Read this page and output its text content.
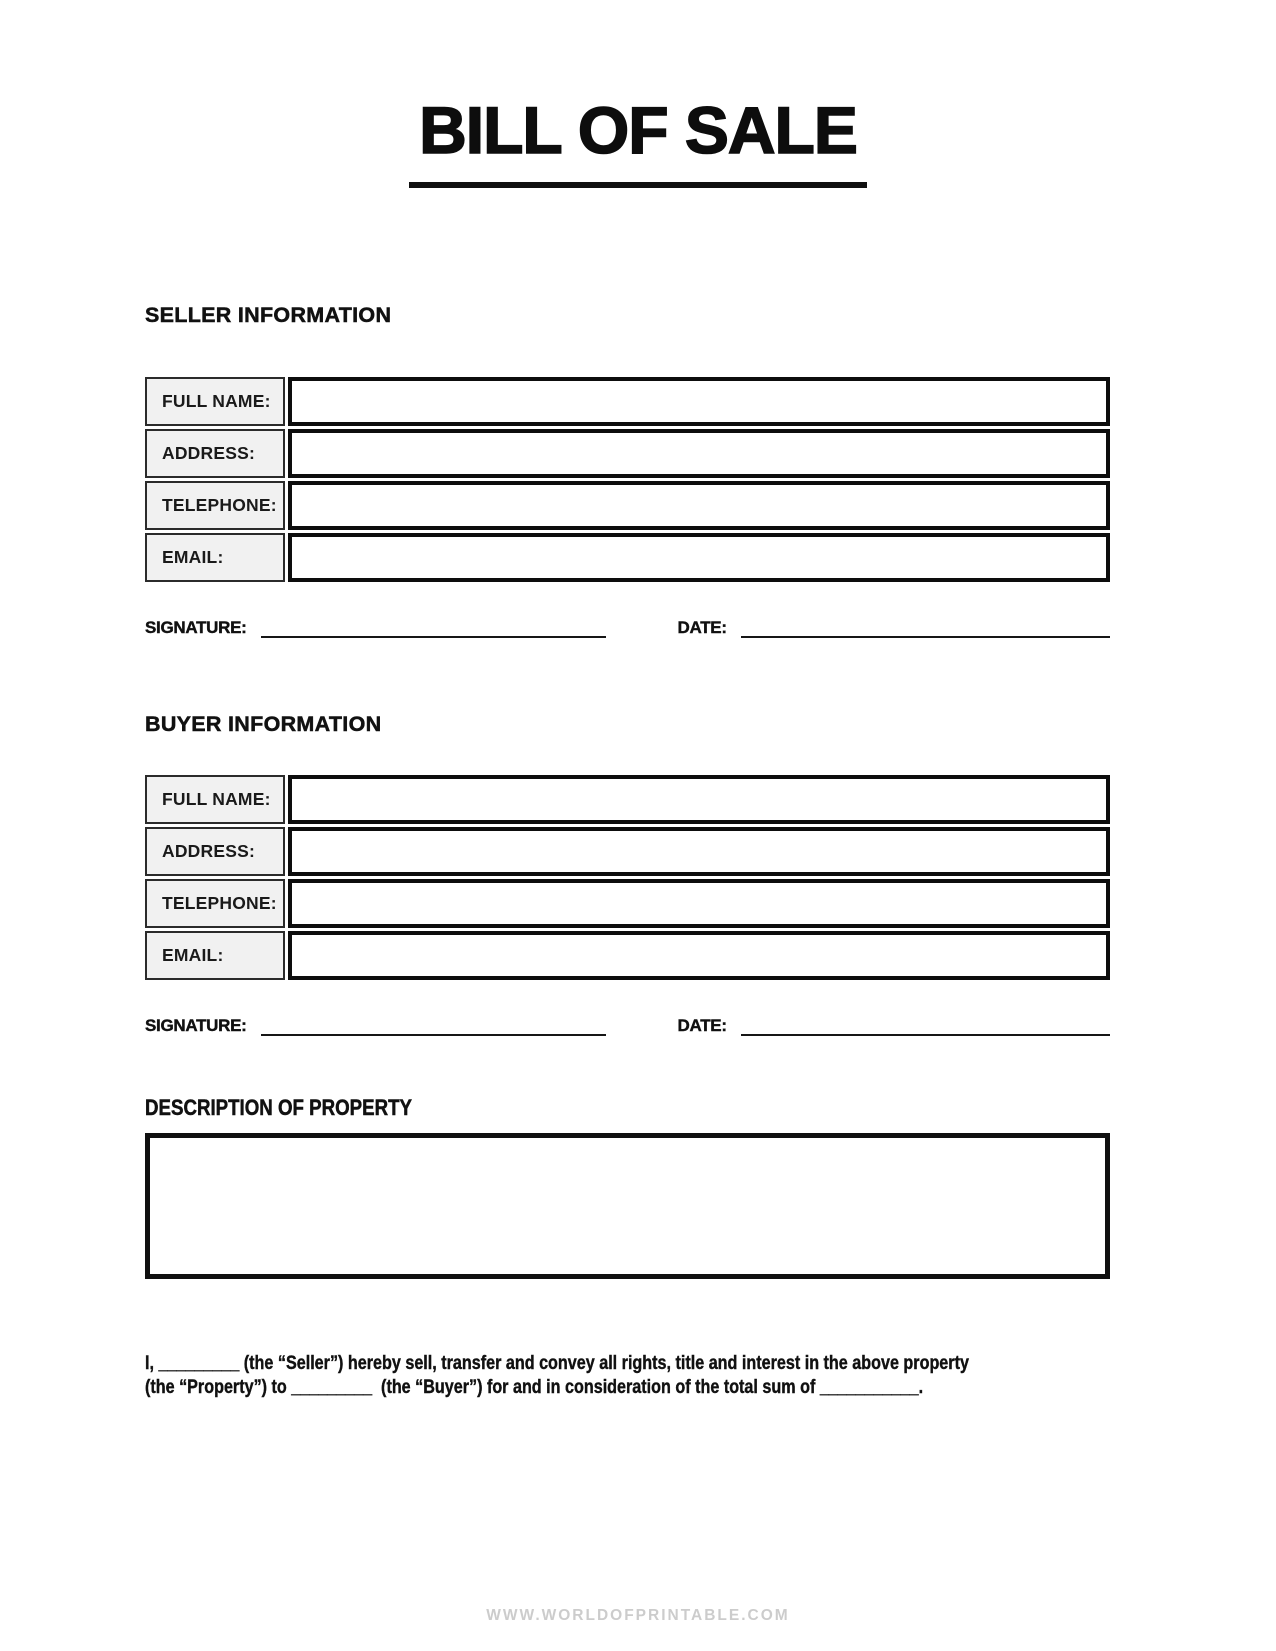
BILL OF SALE
SELLER INFORMATION
FULL NAME:
ADDRESS:
TELEPHONE:
EMAIL:
SIGNATURE:	DATE:
BUYER INFORMATION
FULL NAME:
ADDRESS:
TELEPHONE:
EMAIL:
SIGNATURE:	DATE:
DESCRIPTION OF PROPERTY
I, _________ (the “Seller”) hereby sell, transfer and convey all rights, title and interest in the above property
(the “Property”) to _________  (the “Buyer”) for and in consideration of the total sum of ___________.
WWW.WORLDOFPRINTABLE.COM
